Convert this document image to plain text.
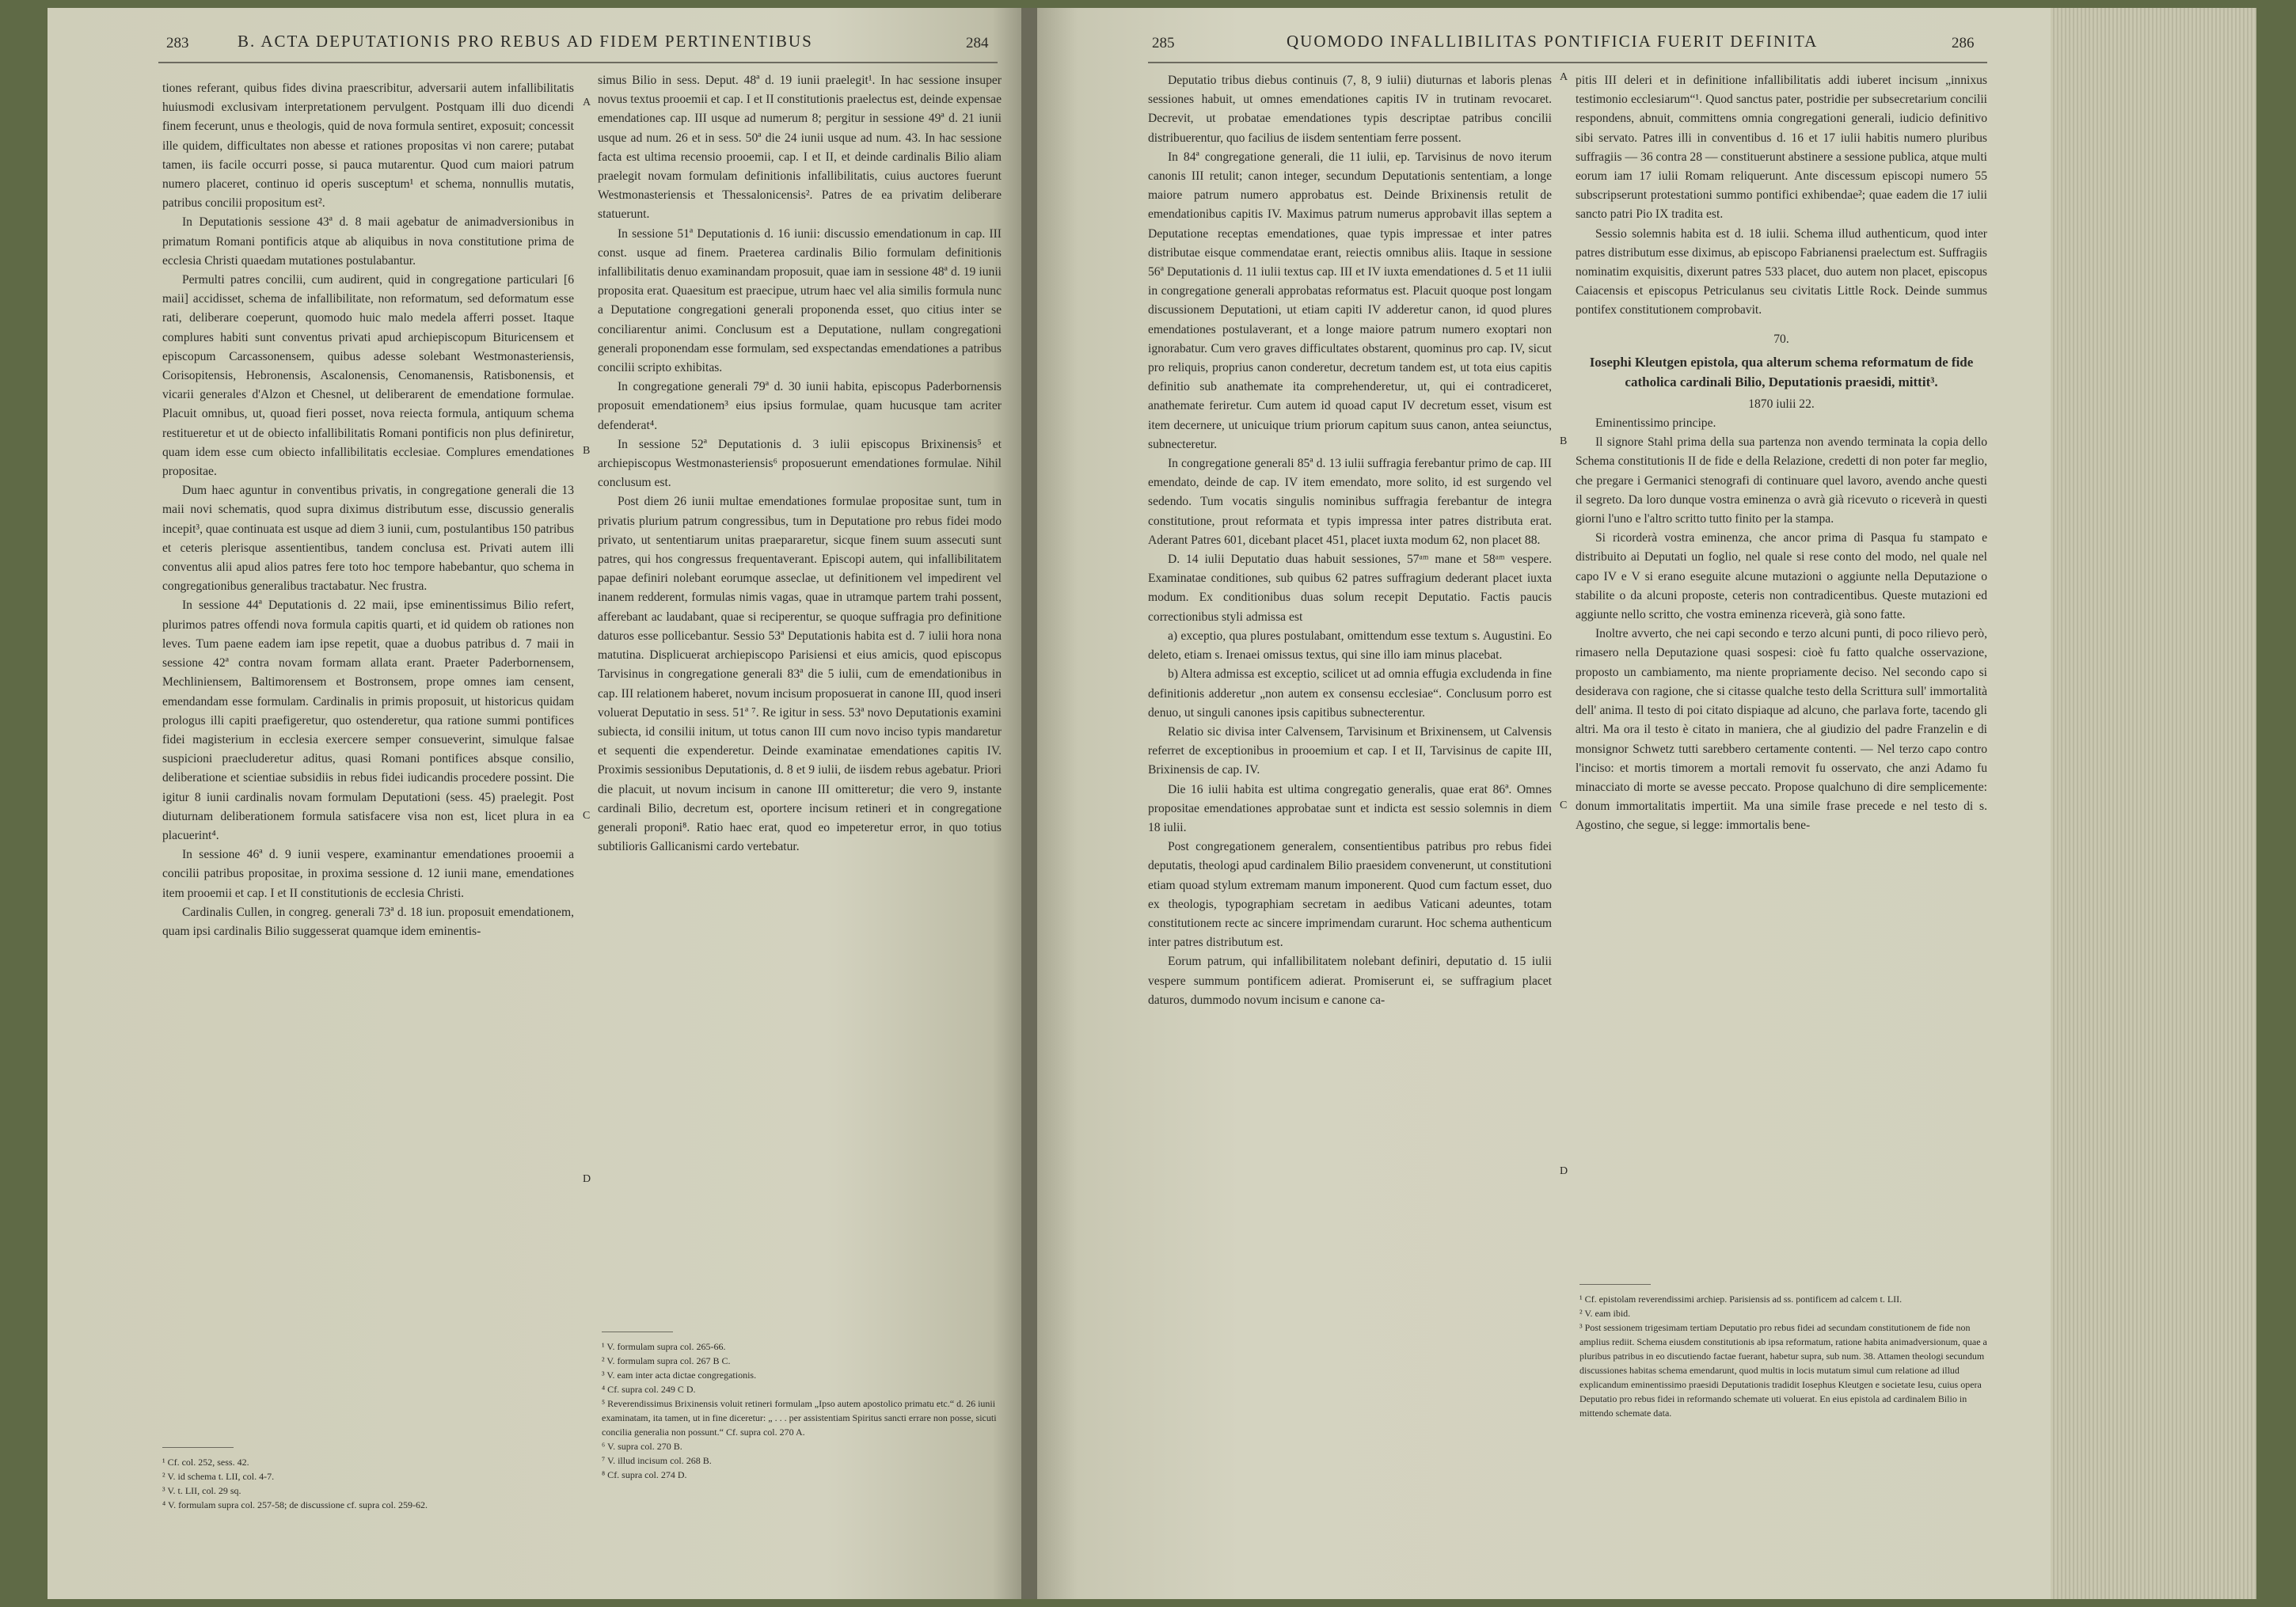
283	B. ACTA DEPUTATIONIS PRO REBUS AD FIDEM PERTINENTIBUS	284

tiones referant, quibus fides divina praescribitur, adversarii autem infallibilitatis huiusmodi exclusivam interpretationem pervulgent. Postquam illi duo dicendi finem fecerunt, unus e theologis, quid de nova formula sentiret, exposuit; concessit ille quidem, difficultates non abesse et rationes propositas vi non carere; putabat tamen, iis facile occurri posse, si pauca mutarentur. Quod cum maiori patrum numero placeret, continuo id operis susceptum¹ et schema, nonnullis mutatis, patribus concilii propositum est².

In Deputationis sessione 43ª d. 8 maii agebatur de animadversionibus in primatum Romani pontificis atque ab aliquibus in nova constitutione prima de ecclesia Christi quaedam mutationes postulabantur.

Permulti patres concilii, cum audirent, quid in congregatione particulari [6 maii] accidisset, schema de infallibilitate, non reformatum, sed deformatum esse rati, deliberare coeperunt, quomodo huic malo medela afferri posset. Itaque complures habiti sunt conventus privati apud archiepiscopum Bituricensem et episcopum Carcassonensem, quibus adesse solebant Westmonasteriensis, Corisopitensis, Hebronensis, Ascalonensis, Cenomanensis, Ratisbonensis, et vicarii generales d'Alzon et Chesnel, ut deliberarent de emendatione formulae. Placuit omnibus, ut, quoad fieri posset, nova reiecta formula, antiquum schema restitueretur et ut de obiecto infallibilitatis Romani pontificis non plus definiretur, quam idem esse cum obiecto infallibilitatis ecclesiae. Complures emendationes propositae.

Dum haec aguntur in conventibus privatis, in congregatione generali die 13 maii novi schematis, quod supra diximus distributum esse, discussio generalis incepit³, quae continuata est usque ad diem 3 iunii, cum, postulantibus 150 patribus et ceteris plerisque assentientibus, tandem conclusa est. Privati autem illi conventus alii apud alios patres fere toto hoc tempore habebantur, quo schema in congregationibus generalibus tractabatur. Nec frustra.

In sessione 44ª Deputationis d. 22 maii, ipse eminentissimus Bilio refert, plurimos patres offendi nova formula capitis quarti, et id quidem ob rationes non leves. Tum paene eadem iam ipse repetit, quae a duobus patribus d. 7 maii in sessione 42ª contra novam formam allata erant. Praeter Paderbornensem, Mechliniensem, Baltimorensem et Bostronsem, prope omnes iam censent, emendandam esse formulam. Cardinalis in primis proposuit, ut historicus quidam prologus illi capiti praefigeretur, quo ostenderetur, qua ratione summi pontifices fidei magisterium in ecclesia exercere semper consueverint, simulque falsae suspicioni praecluderetur aditus, quasi Romani pontifices absque consilio, deliberatione et scientiae subsidiis in rebus fidei iudicandis procedere possint. Die igitur 8 iunii cardinalis novam formulam Deputationi (sess. 45) praelegit. Post diuturnam deliberationem formula satisfacere visa non est, licet plura in ea placuerint⁴.

In sessione 46ª d. 9 iunii vespere, examinantur emendationes prooemii a concilii patribus propositae, in proxima sessione d. 12 iunii mane, emendationes item prooemii et cap. I et II constitutionis de ecclesia Christi.

Cardinalis Cullen, in congreg. generali 73ª d. 18 iun. proposuit emendationem, quam ipsi cardinalis Bilio suggesserat quamque idem eminentis-

¹ Cf. col. 252, sess. 42.

² V. id schema t. LII, col. 4-7.

³ V. t. LII, col. 29 sq.

⁴ V. formulam supra col. 257-58; de discussione cf. supra col. 259-62.

A
B
C
D

simus Bilio in sess. Deput. 48ª d. 19 iunii praelegit¹. In hac sessione insuper novus textus prooemii et cap. I et II constitutionis praelectus est, deinde expensae emendationes cap. III usque ad numerum 8; pergitur in sessione 49ª d. 21 iunii usque ad num. 26 et in sess. 50ª die 24 iunii usque ad num. 43. In hac sessione facta est ultima recensio prooemii, cap. I et II, et deinde cardinalis Bilio aliam praelegit novam formulam definitionis infallibilitatis, cuius auctores fuerunt Westmonasteriensis et Thessalonicensis². Patres de ea privatim deliberare statuerunt.

In sessione 51ª Deputationis d. 16 iunii: discussio emendationum in cap. III const. usque ad finem. Praeterea cardinalis Bilio formulam definitionis infallibilitatis denuo examinandam proposuit, quae iam in sessione 48ª d. 19 iunii proposita erat. Quaesitum est praecipue, utrum haec vel alia similis formula nunc a Deputatione congregationi generali proponenda esset, quo citius inter se conciliarentur animi. Conclusum est a Deputatione, nullam congregationi generali proponendam esse formulam, sed exspectandas emendationes a patribus concilii scripto exhibitas.

In congregatione generali 79ª d. 30 iunii habita, episcopus Paderbornensis proposuit emendationem³ eius ipsius formulae, quam hucusque tam acriter defenderat⁴.

In sessione 52ª Deputationis d. 3 iulii episcopus Brixinensis⁵ et archiepiscopus Westmonasteriensis⁶ proposuerunt emendationes formulae. Nihil conclusum est.

Post diem 26 iunii multae emendationes formulae propositae sunt, tum in privatis plurium patrum congressibus, tum in Deputatione pro rebus fidei modo privato, ut sententiarum unitas praepararetur, sicque finem suum assecuti sunt patres, qui hos congressus frequentaverant. Episcopi autem, qui infallibilitatem papae definiri nolebant eorumque asseclae, ut definitionem vel impedirent vel inanem redderent, formulas nimis vagas, quae in utramque partem trahi possent, afferebant ac laudabant, quae si reciperentur, se quoque suffragia pro definitione daturos esse pollicebantur. Sessio 53ª Deputationis habita est d. 7 iulii hora nona matutina. Displicuerat archiepiscopo Parisiensi et eius amicis, quod episcopus Tarvisinus in congregatione generali 83ª die 5 iulii, cum de emendationibus in cap. III relationem haberet, novum incisum proposuerat in canone III, quod inseri voluerat Deputatio in sess. 51ª ⁷. Re igitur in sess. 53ª novo Deputationis examini subiecta, id consilii initum, ut totus canon III cum novo inciso typis mandaretur et sequenti die expenderetur. Deinde examinatae emendationes capitis IV. Proximis sessionibus Deputationis, d. 8 et 9 iulii, de iisdem rebus agebatur. Priori die placuit, ut novum incisum in canone III omitteretur; die vero 9, instante cardinali Bilio, decretum est, oportere incisum retineri et in congregatione generali proponi⁸. Ratio haec erat, quod eo impeteretur error, in quo totius subtilioris Gallicanismi cardo vertebatur.

¹ V. formulam supra col. 265-66.

² V. formulam supra col. 267 B C.

³ V. eam inter acta dictae congregationis.

⁴ Cf. supra col. 249 C D.

⁵ Reverendissimus Brixinensis voluit retineri formulam „Ipso autem apostolico primatu etc.“ d. 26 iunii examinatam, ita tamen, ut in fine diceretur: „ . . . per assistentiam Spiritus sancti errare non posse, sicuti concilia generalia non possunt.“ Cf. supra col. 270 A.

⁶ V. supra col. 270 B.

⁷ V. illud incisum col. 268 B.

⁸ Cf. supra col. 274 D.

285	QUOMODO INFALLIBILITAS PONTIFICIA FUERIT DEFINITA	286

Deputatio tribus diebus continuis (7, 8, 9 iulii) diuturnas et laboris plenas sessiones habuit, ut omnes emendationes capitis IV in trutinam revocaret. Decrevit, ut probatae emendationes typis descriptae patribus concilii distribuerentur, quo facilius de iisdem sententiam ferre possent.

In 84ª congregatione generali, die 11 iulii, ep. Tarvisinus de novo iterum canonis III retulit; canon integer, secundum Deputationis sententiam, a longe maiore patrum numero approbatus est. Deinde Brixinensis retulit de emendationibus capitis IV. Maximus patrum numerus approbavit illas septem a Deputatione receptas emendationes, quae typis impressae et inter patres distributae eisque commendatae erant, reiectis omnibus aliis. Itaque in sessione 56ª Deputationis d. 11 iulii textus cap. III et IV iuxta emendationes d. 5 et 11 iulii in congregatione generali approbatas reformatus est. Placuit quoque post longam discussionem Deputationi, ut etiam capiti IV adderetur canon, id quod plures emendationes postulaverant, et a longe maiore patrum numero exoptari non ignorabatur. Cum vero graves difficultates obstarent, quominus pro cap. IV, sicut pro reliquis, proprius canon conderetur, decretum tandem est, ut tota eius capitis definitio sub anathemate ita comprehenderetur, ut, qui ei contradiceret, anathemate feriretur. Cum autem id quoad caput IV decretum esset, visum est item decernere, ut unicuique trium priorum capitum suus canon, antea seiunctus, subnecteretur.

In congregatione generali 85ª d. 13 iulii suffragia ferebantur primo de cap. III emendato, deinde de cap. IV item emendato, more solito, id est surgendo vel sedendo. Tum vocatis singulis nominibus suffragia ferebantur de integra constitutione, prout reformata et typis impressa inter patres distributa erat. Aderant Patres 601, dicebant placet 451, placet iuxta modum 62, non placet 88.

D. 14 iulii Deputatio duas habuit sessiones, 57ᵃᵐ mane et 58ᵃᵐ vespere. Examinatae conditiones, sub quibus 62 patres suffragium dederant placet iuxta modum. Ex conditionibus duas solum recepit Deputatio. Factis paucis correctionibus styli admissa est

a) exceptio, qua plures postulabant, omittendum esse textum s. Augustini. Eo deleto, etiam s. Irenaei omissus textus, qui sine illo iam minus placebat.

b) Altera admissa est exceptio, scilicet ut ad omnia effugia excludenda in fine definitionis adderetur „non autem ex consensu ecclesiae“. Conclusum porro est denuo, ut singuli canones ipsis capitibus subnecterentur.

Relatio sic divisa inter Calvensem, Tarvisinum et Brixinensem, ut Calvensis referret de exceptionibus in prooemium et cap. I et II, Tarvisinus de capite III, Brixinensis de cap. IV.

Die 16 iulii habita est ultima congregatio generalis, quae erat 86ª. Omnes propositae emendationes approbatae sunt et indicta est sessio solemnis in diem 18 iulii.

Post congregationem generalem, consentientibus patribus pro rebus fidei deputatis, theologi apud cardinalem Bilio praesidem convenerunt, ut constitutioni etiam quoad stylum extremam manum imponerent. Quod cum factum esset, duo ex theologis, typographiam secretam in aedibus Vaticani adeuntes, totam constitutionem recte ac sincere imprimendam curarunt. Hoc schema authenticum inter patres distributum est.

Eorum patrum, qui infallibilitatem nolebant definiri, deputatio d. 15 iulii vespere summum pontificem adierat. Promiserunt ei, se suffragium placet daturos, dummodo novum incisum e canone ca-

A
B
C
D

pitis III deleri et in definitione infallibilitatis addi iuberet incisum „innixus testimonio ecclesiarum“¹. Quod sanctus pater, postridie per subsecretarium concilii respondens, abnuit, committens omnia congregationi generali, iudicio definitivo sibi servato. Patres illi in conventibus d. 16 et 17 iulii habitis numero pluribus suffragiis — 36 contra 28 — constituerunt abstinere a sessione publica, atque multi eorum iam 17 iulii Romam reliquerunt. Ante discessum episcopi numero 55 subscripserunt protestationi summo pontifici exhibendae²; quae eadem die 17 iulii sancto patri Pio IX tradita est.

Sessio solemnis habita est d. 18 iulii. Schema illud authenticum, quod inter patres distributum esse diximus, ab episcopo Fabrianensi praelectum est. Suffragiis nominatim exquisitis, dixerunt patres 533 placet, duo autem non placet, episcopus Caiacensis et episcopus Petriculanus seu civitatis Little Rock. Deinde summus pontifex constitutionem comprobavit.

70.

Iosephi Kleutgen epistola, qua alterum schema reformatum de fide catholica cardinali Bilio, Deputationis praesidi, mittit³.

1870 iulii 22.

Eminentissimo principe.

Il signore Stahl prima della sua partenza non avendo terminata la copia dello Schema constitutionis II de fide e della Relazione, credetti di non poter far meglio, che pregare i Germanici stenografi di continuare quel lavoro, avendo anche questi il segreto. Da loro dunque vostra eminenza o avrà già ricevuto o riceverà in questi giorni l'uno e l'altro scritto tutto finito per la stampa.

Si ricorderà vostra eminenza, che ancor prima di Pasqua fu stampato e distribuito ai Deputati un foglio, nel quale si rese conto del modo, nel quale nel capo IV e V si erano eseguite alcune mutazioni o aggiunte nella Deputazione o stabilite o da alcuni proposte, ceteris non contradicentibus. Queste mutazioni ed aggiunte nello scritto, che vostra eminenza riceverà, già sono fatte.

Inoltre avverto, che nei capi secondo e terzo alcuni punti, di poco rilievo però, rimasero nella Deputazione quasi sospesi: cioè fu fatto qualche osservazione, proposto un cambiamento, ma niente propriamente deciso. Nel secondo capo si desiderava con ragione, che si citasse qualche testo della Scrittura sull' immortalità dell' anima. Il testo di poi citato dispiaque ad alcuno, che parlava forte, tacendo gli altri. Ma ora il testo è citato in maniera, che al giudizio del padre Franzelin e di monsignor Schwetz tutti sarebbero certamente contenti. — Nel terzo capo contro l'inciso: et mortis timorem a mortali removit fu osservato, che anzi Adamo fu minacciato di morte se avesse peccato. Propose qualchuno di dire semplicemente: donum immortalitatis impertiit. Ma una simile frase precede e nel testo di s. Agostino, che segue, si legge: immortalis bene-

¹ Cf. epistolam reverendissimi archiep. Parisiensis ad ss. pontificem ad calcem t. LII.

² V. eam ibid.

³ Post sessionem trigesimam tertiam Deputatio pro rebus fidei ad secundam constitutionem de fide non amplius rediit. Schema eiusdem constitutionis ab ipsa reformatum, ratione habita animadversionum, quae a pluribus patribus in eo discutiendo factae fuerant, habetur supra, sub num. 38. Attamen theologi secundum discussiones habitas schema emendarunt, quod multis in locis mutatum simul cum relatione ad illud explicandum eminentissimo praesidi Deputationis tradidit Iosephus Kleutgen e societate Iesu, cuius opera Deputatio pro rebus fidei in reformando schemate uti voluerat. En eius epistola ad cardinalem Bilio in mittendo schemate data.
